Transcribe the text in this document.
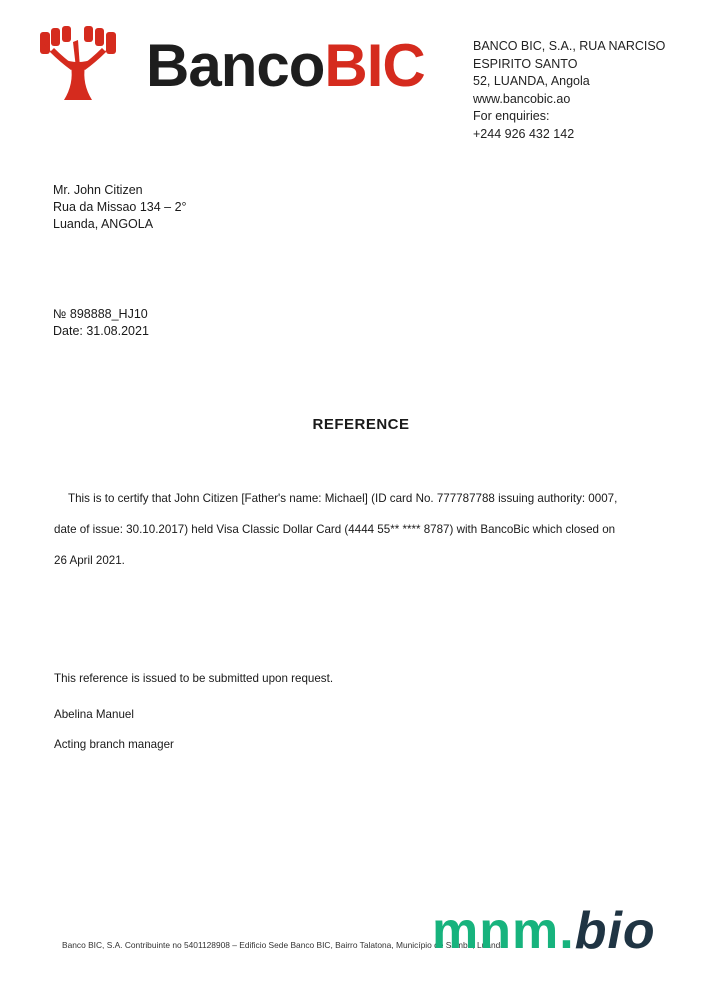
BancoBIC	BANCO BIC, S.A., RUA NARCISO
ESPIRITO SANTO
52, LUANDA, Angola
www.bancobic.ao
For enquiries:
+244 926 432 142
Mr. John Citizen
Rua da Missao 134 – 2°
Luanda, ANGOLA
№ 898888_HJ10
Date: 31.08.2021
REFERENCE
This is to certify that John Citizen [Father's name: Michael] (ID card No. 777787788 issuing authority: 0007,
date of issue: 30.10.2017) held Visa Classic Dollar Card (4444 55** **** 8787) with BancoBic which closed on
26 April 2021.
This reference is issued to be submitted upon request.
Abelina Manuel
Acting branch manager
Banco BIC, S.A. Contribuinte no 5401128908 – Edificio Sede Banco BIC, Bairro Talatona, Município de Samba, Luanda
mnm.bio
